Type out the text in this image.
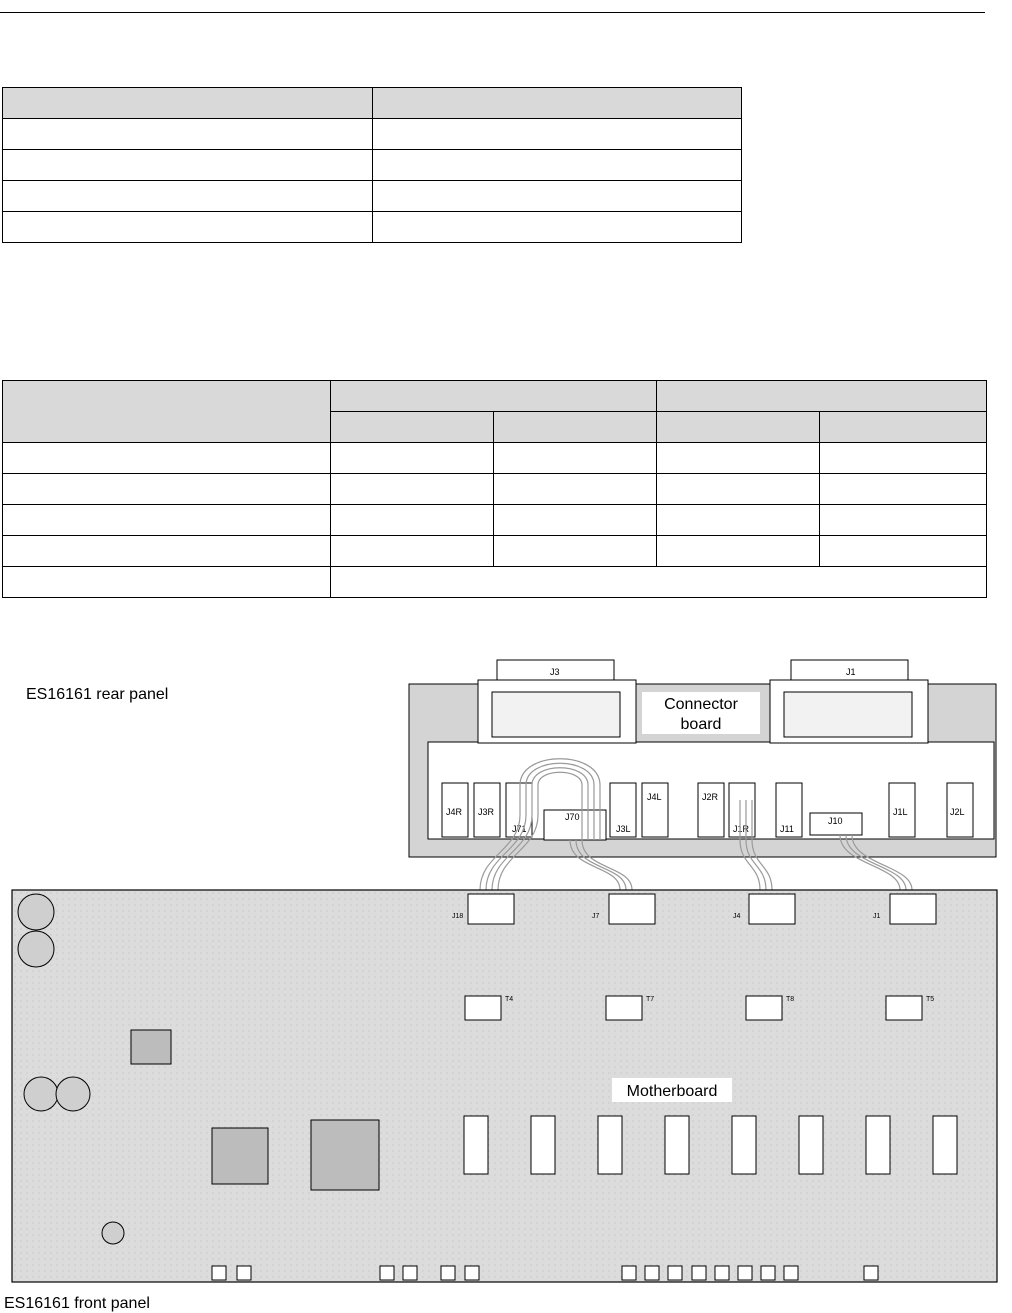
ES16161 rear panel
ES16161 front panel
J3	J1
Connector
board
J4R J3R
J71
J70
J3L
J4L	J2R
J1R	J11
J10
J1L	J2L
J18	J7	J4	J1
T4	T7	T8	T5
Motherboard
